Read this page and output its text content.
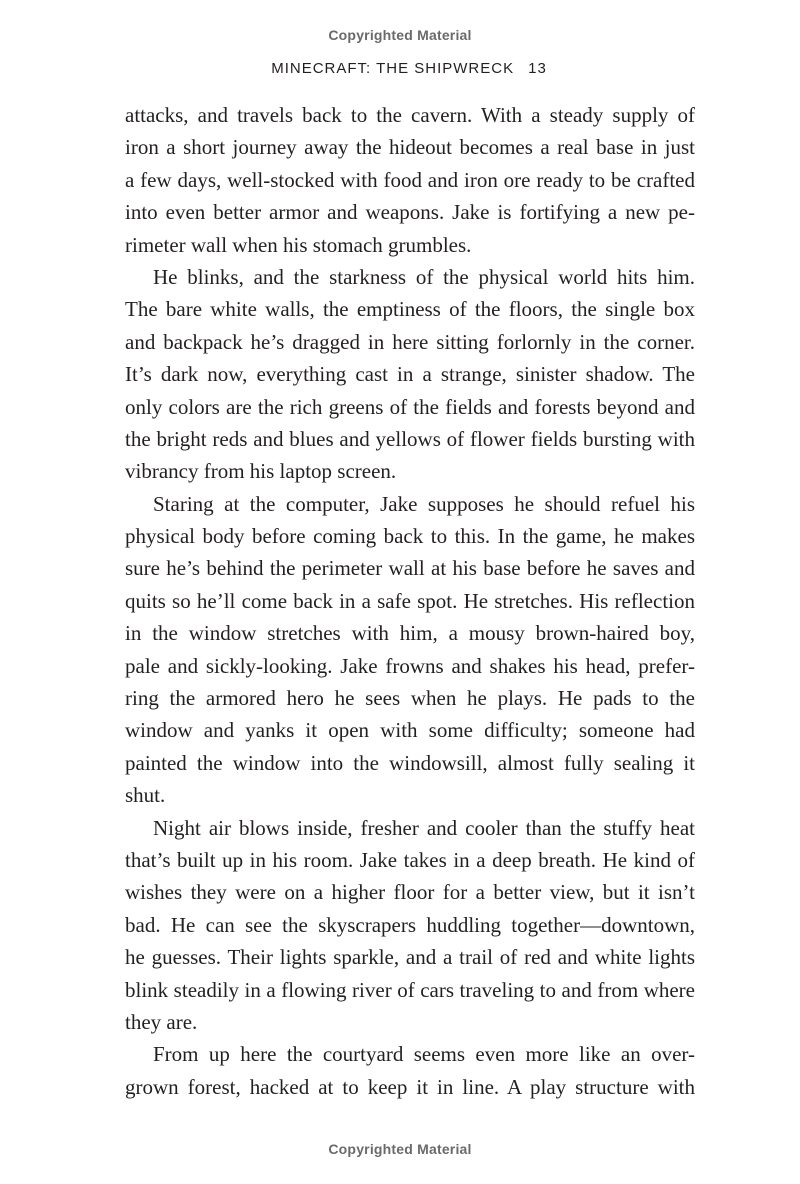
Copyrighted Material
MINECRAFT: THE SHIPWRECK 13
attacks, and travels back to the cavern. With a steady supply of
iron a short journey away the hideout becomes a real base in just
a few days, well-stocked with food and iron ore ready to be crafted
into even better armor and weapons. Jake is fortifying a new pe-
rimeter wall when his stomach grumbles.
He blinks, and the starkness of the physical world hits him.
The bare white walls, the emptiness of the floors, the single box
and backpack he’s dragged in here sitting forlornly in the corner.
It’s dark now, everything cast in a strange, sinister shadow. The
only colors are the rich greens of the fields and forests beyond and
the bright reds and blues and yellows of flower fields bursting with
vibrancy from his laptop screen.
Staring at the computer, Jake supposes he should refuel his
physical body before coming back to this. In the game, he makes
sure he’s behind the perimeter wall at his base before he saves and
quits so he’ll come back in a safe spot. He stretches. His reflection
in the window stretches with him, a mousy brown-haired boy,
pale and sickly-looking. Jake frowns and shakes his head, prefer-
ring the armored hero he sees when he plays. He pads to the
window and yanks it open with some difficulty; someone had
painted the window into the windowsill, almost fully sealing it
shut.
Night air blows inside, fresher and cooler than the stuffy heat
that’s built up in his room. Jake takes in a deep breath. He kind of
wishes they were on a higher floor for a better view, but it isn’t
bad. He can see the skyscrapers huddling together—downtown,
he guesses. Their lights sparkle, and a trail of red and white lights
blink steadily in a flowing river of cars traveling to and from where
they are.
From up here the courtyard seems even more like an over-
grown forest, hacked at to keep it in line. A play structure with
Copyrighted Material
